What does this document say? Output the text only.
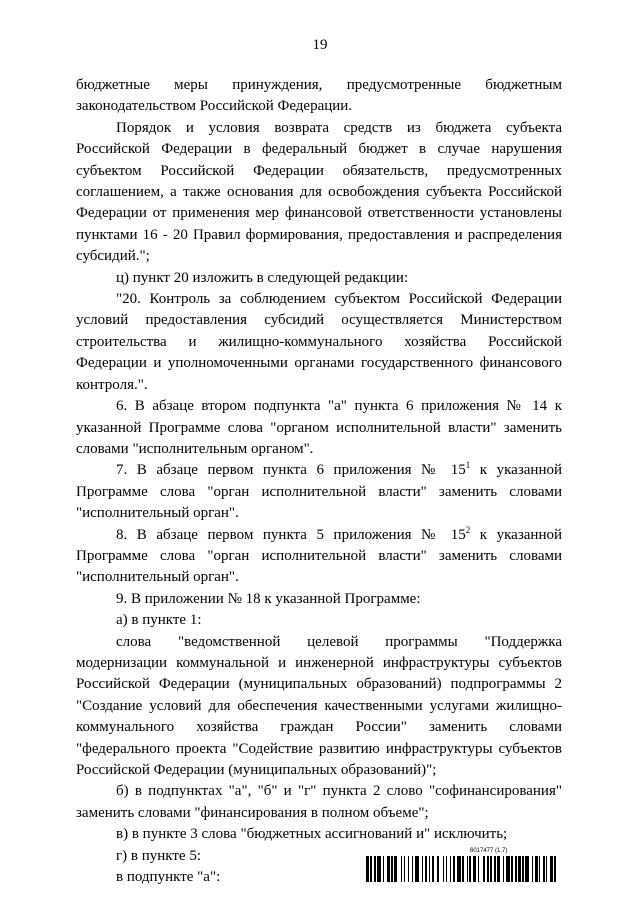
19

бюджетные меры принуждения, предусмотренные бюджетным законодательством Российской Федерации.

Порядок и условия возврата средств из бюджета субъекта Российской Федерации в федеральный бюджет в случае нарушения субъектом Российской Федерации обязательств, предусмотренных соглашением, а также основания для освобождения субъекта Российской Федерации от применения мер финансовой ответственности установлены пунктами 16 - 20 Правил формирования, предоставления и распределения субсидий.";

ц) пункт 20 изложить в следующей редакции:

"20. Контроль за соблюдением субъектом Российской Федерации условий предоставления субсидий осуществляется Министерством строительства и жилищно-коммунального хозяйства Российской Федерации и уполномоченными органами государственного финансового контроля.".

6. В абзаце втором подпункта "а" пункта 6 приложения № 14 к указанной Программе слова "органом исполнительной власти" заменить словами "исполнительным органом".

7. В абзаце первом пункта 6 приложения № $15^1$ к указанной Программе слова "орган исполнительной власти" заменить словами "исполнительный орган".

8. В абзаце первом пункта 5 приложения № $15^2$ к указанной Программе слова "орган исполнительной власти" заменить словами "исполнительный орган".

9. В приложении № 18 к указанной Программе:

а) в пункте 1:

слова "ведомственной целевой программы "Поддержка модернизации коммунальной и инженерной инфраструктуры субъектов Российской Федерации (муниципальных образований) подпрограммы 2 "Создание условий для обеспечения качественными услугами жилищно-коммунального хозяйства граждан России" заменить словами "федерального проекта "Содействие развитию инфраструктуры субъектов Российской Федерации (муниципальных образований)";

б) в подпунктах "а", "б" и "г" пункта 2 слово "софинансирования" заменить словами "финансирования в полном объеме";

в) в пункте 3 слова "бюджетных ассигнований и" исключить;

г) в пункте 5:

в подпункте "а":

6017477 (1.7)
